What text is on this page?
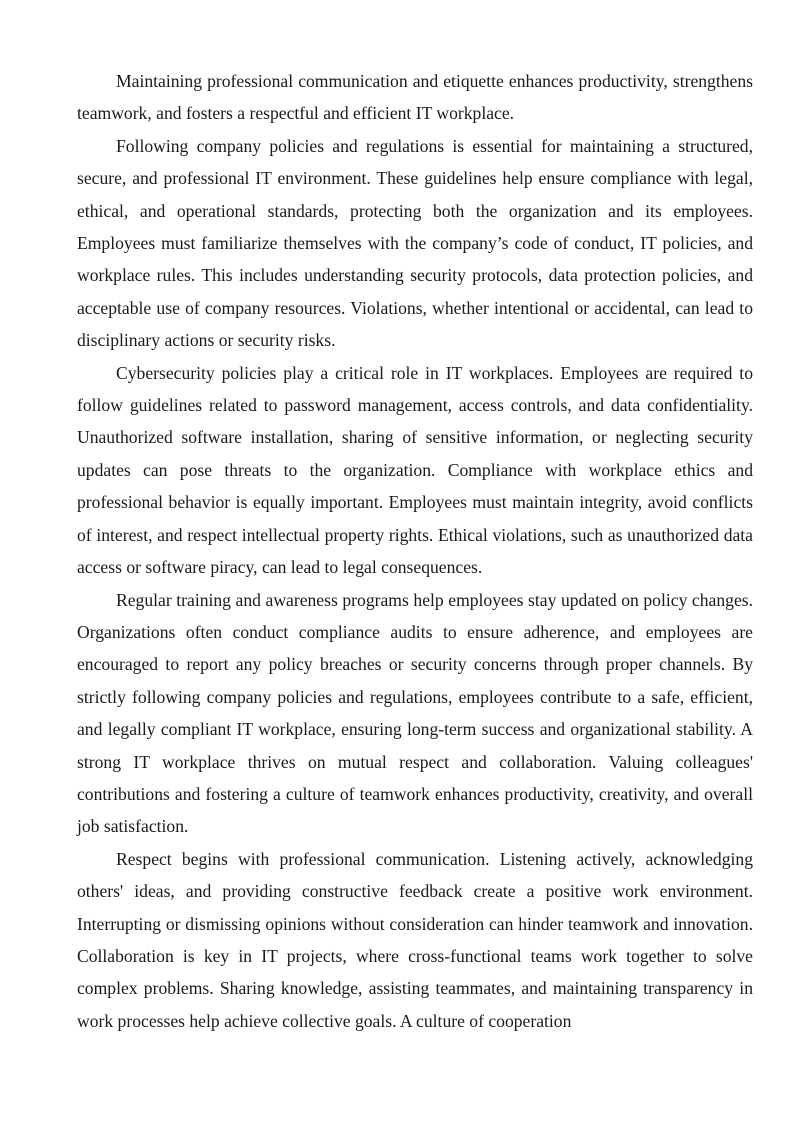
Maintaining professional communication and etiquette enhances productivity, strengthens teamwork, and fosters a respectful and efficient IT workplace.

Following company policies and regulations is essential for maintaining a structured, secure, and professional IT environment. These guidelines help ensure compliance with legal, ethical, and operational standards, protecting both the organization and its employees. Employees must familiarize themselves with the company’s code of conduct, IT policies, and workplace rules. This includes understanding security protocols, data protection policies, and acceptable use of company resources. Violations, whether intentional or accidental, can lead to disciplinary actions or security risks.

Cybersecurity policies play a critical role in IT workplaces. Employees are required to follow guidelines related to password management, access controls, and data confidentiality. Unauthorized software installation, sharing of sensitive information, or neglecting security updates can pose threats to the organization. Compliance with workplace ethics and professional behavior is equally important. Employees must maintain integrity, avoid conflicts of interest, and respect intellectual property rights. Ethical violations, such as unauthorized data access or software piracy, can lead to legal consequences.

Regular training and awareness programs help employees stay updated on policy changes. Organizations often conduct compliance audits to ensure adherence, and employees are encouraged to report any policy breaches or security concerns through proper channels. By strictly following company policies and regulations, employees contribute to a safe, efficient, and legally compliant IT workplace, ensuring long-term success and organizational stability. A strong IT workplace thrives on mutual respect and collaboration. Valuing colleagues' contributions and fostering a culture of teamwork enhances productivity, creativity, and overall job satisfaction.

Respect begins with professional communication. Listening actively, acknowledging others' ideas, and providing constructive feedback create a positive work environment. Interrupting or dismissing opinions without consideration can hinder teamwork and innovation. Collaboration is key in IT projects, where cross-functional teams work together to solve complex problems. Sharing knowledge, assisting teammates, and maintaining transparency in work processes help achieve collective goals. A culture of cooperation
